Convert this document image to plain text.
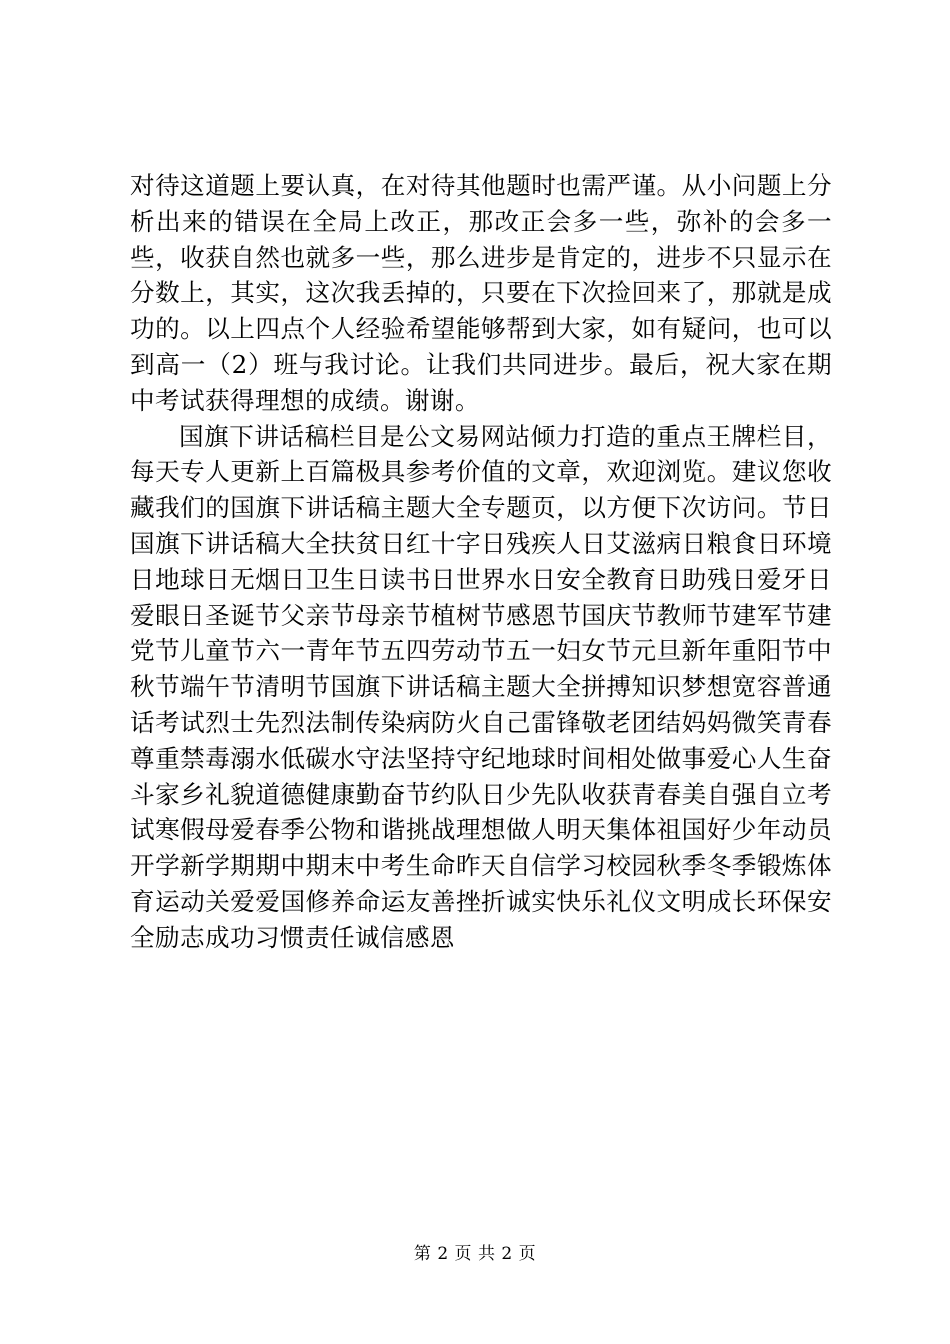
对待这道题上要认真，在对待其他题时也需严谨。从小问题上分析出来的错误在全局上改正，那改正会多一些，弥补的会多一些，收获自然也就多一些，那么进步是肯定的，进步不只显示在分数上，其实，这次我丢掉的，只要在下次捡回来了，那就是成功的。以上四点个人经验希望能够帮到大家，如有疑问，也可以到高一（2）班与我讨论。让我们共同进步。最后，祝大家在期中考试获得理想的成绩。谢谢。

国旗下讲话稿栏目是公文易网站倾力打造的重点王牌栏目，每天专人更新上百篇极具参考价值的文章，欢迎浏览。建议您收藏我们的国旗下讲话稿主题大全专题页，以方便下次访问。节日国旗下讲话稿大全扶贫日红十字日残疾人日艾滋病日粮食日环境日地球日无烟日卫生日读书日世界水日安全教育日助残日爱牙日爱眼日圣诞节父亲节母亲节植树节感恩节国庆节教师节建军节建党节儿童节六一青年节五四劳动节五一妇女节元旦新年重阳节中秋节端午节清明节国旗下讲话稿主题大全拼搏知识梦想宽容普通话考试烈士先烈法制传染病防火自己雷锋敬老团结妈妈微笑青春尊重禁毒溺水低碳水守法坚持守纪地球时间相处做事爱心人生奋斗家乡礼貌道德健康勤奋节约队日少先队收获青春美自强自立考试寒假母爱春季公物和谐挑战理想做人明天集体祖国好少年动员开学新学期期中期末中考生命昨天自信学习校园秋季冬季锻炼体育运动关爱爱国修养命运友善挫折诚实快乐礼仪文明成长环保安全励志成功习惯责任诚信感恩

第 2 页 共 2 页
